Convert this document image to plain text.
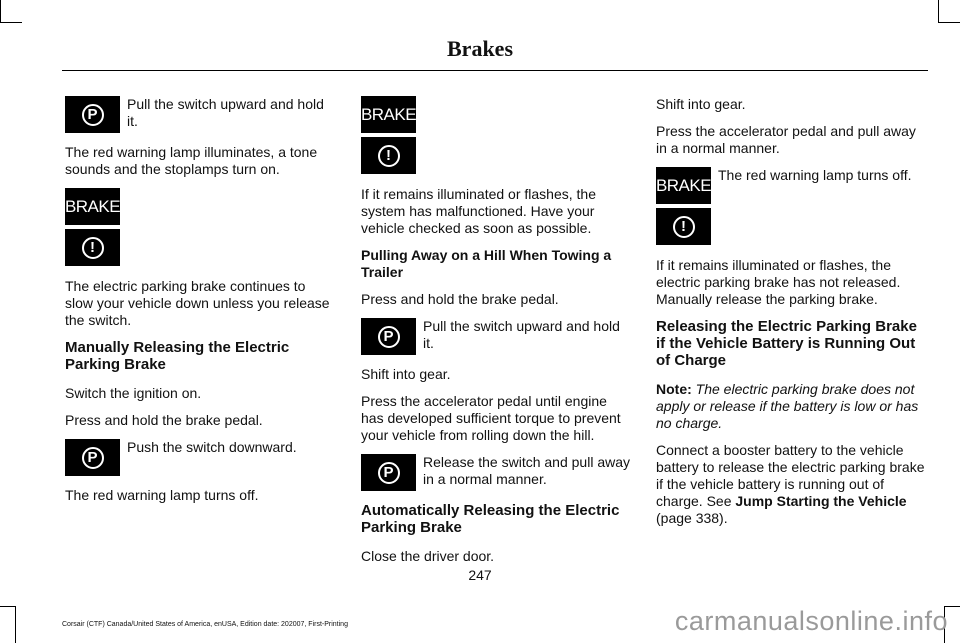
Brakes
P
Pull the switch upward and hold it.

The red warning lamp illuminates, a tone sounds and the stoplamps turn on.

BRAKE
!

The electric parking brake continues to slow your vehicle down unless you release the switch.

Manually Releasing the Electric Parking Brake

Switch the ignition on.

Press and hold the brake pedal.

P
Push the switch downward.

The red warning lamp turns off.

BRAKE
!

If it remains illuminated or flashes, the system has malfunctioned. Have your vehicle checked as soon as possible.

Pulling Away on a Hill When Towing a Trailer

Press and hold the brake pedal.

P
Pull the switch upward and hold it.

Shift into gear.

Press the accelerator pedal until engine has developed sufficient torque to prevent your vehicle from rolling down the hill.

P
Release the switch and pull away in a normal manner.
Automatically Releasing the Electric Parking Brake

Close the driver door.

Shift into gear.

Press the accelerator pedal and pull away in a normal manner.

BRAKE
The red warning lamp turns off.
!

If it remains illuminated or flashes, the electric parking brake has not released. Manually release the parking brake.

Releasing the Electric Parking Brake if the Vehicle Battery is Running Out of Charge

Note: The electric parking brake does not apply or release if the battery is low or has no charge.

Connect a booster battery to the vehicle battery to release the electric parking brake if the vehicle battery is running out of charge. See Jump Starting the Vehicle (page 338).

247
Corsair (CTF) Canada/United States of America, enUSA, Edition date: 202007, First-Printing	carmanualsonline.info
